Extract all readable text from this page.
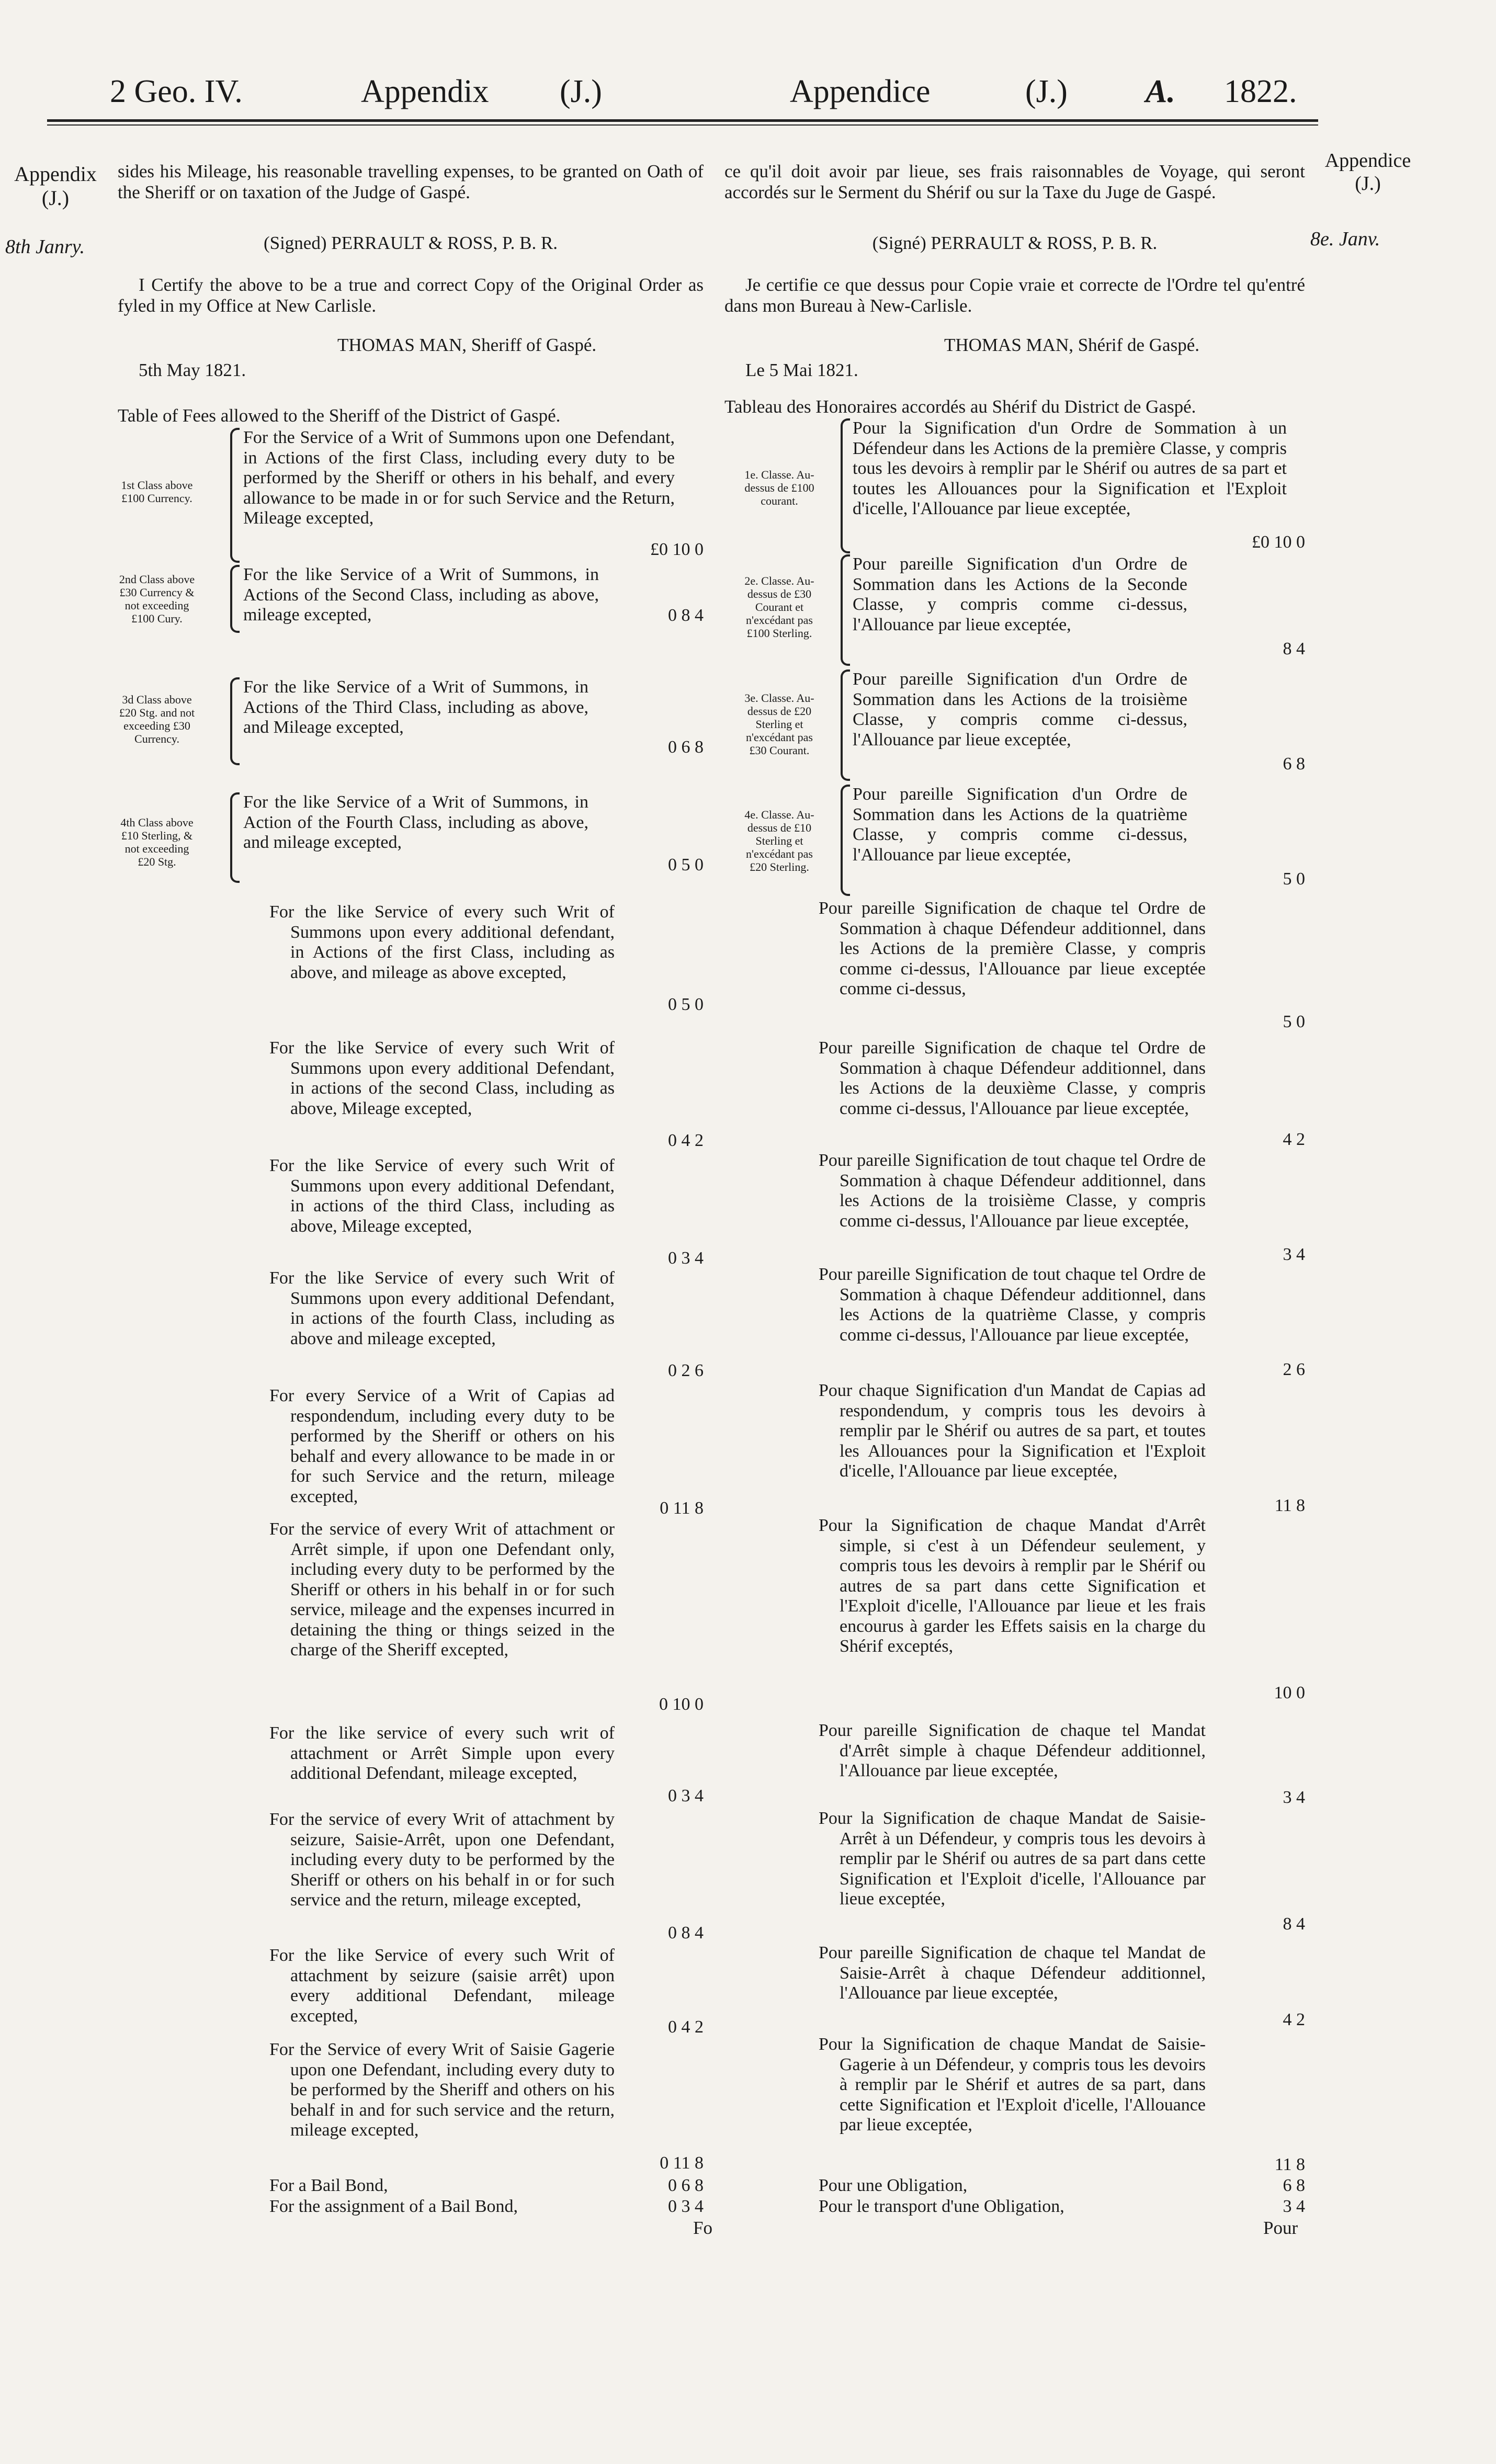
2 Geo. IV.	Appendix (J.)	Appendice	(J.) A. 1822.
Appendix
(J.)
8th Janry.
Appendice
(J.)
8e. Janv.
sides his Mileage, his reasonable travelling expenses, to be granted on Oath of the Sheriff or on taxation of the Judge of Gaspé.
(Signed) PERRAULT & ROSS, P. B. R.
I Certify the above to be a true and correct Copy of the Original Order as fyled in my Office at New Carlisle.
THOMAS MAN, Sheriff of Gaspé.
5th May 1821.
Table of Fees allowed to the Sheriff of the District of Gaspé.
1st Class above £100 Currency.
For the Service of a Writ of Summons upon one Defendant, in Actions of the first Class, including every duty to be performed by the Sheriff or others in his behalf, and every allowance to be made in or for such Service and the Return, Mileage excepted,
£0 10 0
2nd Class above £30 Currency & not exceeding £100 Cury.
For the like Service of a Writ of Summons, in Actions of the Second Class, including as above, mileage excepted,	0 8 4
3d Class above £20 Stg. and not exceeding £30 Currency.
For the like Service of a Writ of Summons, in Actions of the Third Class, including as above, and Mileage excepted,
0 6 8
4th Class above £10 Sterling, & not exceeding £20 Stg.
For the like Service of a Writ of Summons, in Action of the Fourth Class, including as above, and mileage excepted,
0 5 0
For the like Service of every such Writ of Summons upon every additional defendant, in Actions of the first Class, including as above, and mileage as above excepted,
0 5 0
For the like Service of every such Writ of Summons upon every additional Defendant, in actions of the second Class, including as above, Mileage excepted,
0 4 2
For the like Service of every such Writ of Summons upon every additional Defendant, in actions of the third Class, including as above, Mileage excepted,
0 3 4
For the like Service of every such Writ of Summons upon every additional Defendant, in actions of the fourth Class, including as above and mileage excepted,
0 2 6
For every Service of a Writ of Capias ad respondendum, including every duty to be performed by the Sheriff or others on his behalf and every allowance to be made in or for such Service and the return, mileage excepted,
0 11 8
For the service of every Writ of attachment or Arrêt simple, if upon one Defendant only, including every duty to be performed by the Sheriff or others in his behalf in or for such service, mileage and the expenses incurred in detaining the thing or things seized in the charge of the Sheriff excepted,
0 10 0
For the like service of every such writ of attachment or Arrêt Simple upon every additional Defendant, mileage excepted,
0 3 4
For the service of every Writ of attachment by seizure, Saisie-Arrêt, upon one Defendant, including every duty to be performed by the Sheriff or others on his behalf in or for such service and the return, mileage excepted,
0 8 4
For the like Service of every such Writ of attachment by seizure (saisie arrêt) upon every additional Defendant, mileage excepted,
0 4 2
For the Service of every Writ of Saisie Gagerie upon one Defendant, including every duty to be performed by the Sheriff and others on his behalf in and for such service and the return, mileage excepted,
0 11 8
For a Bail Bond,	0 6 8
For the assignment of a Bail Bond,	0 3 4
Fo
ce qu'il doit avoir par lieue, ses frais raisonnables de Voyage, qui seront accordés sur le Serment du Shérif ou sur la Taxe du Juge de Gaspé.
(Signé) PERRAULT & ROSS, P. B. R.
Je certifie ce que dessus pour Copie vraie et correcte de l'Ordre tel qu'entré dans mon Bureau à New-Carlisle.
THOMAS MAN, Shérif de Gaspé.
Le 5 Mai 1821.
Tableau des Honoraires accordés au Shérif du District de Gaspé.
1e. Classe. Au-dessus de £100 courant.
Pour la Signification d'un Ordre de Sommation à un Défendeur dans les Actions de la première Classe, y compris tous les devoirs à remplir par le Shérif ou autres de sa part et toutes les Allouances pour la Signification et l'Exploit d'icelle, l'Allouance par lieue exceptée,
£0 10 0
2e. Classe. Au-dessus de £30 Courant et n'excédant pas £100 Sterling.
Pour pareille Signification d'un Ordre de Sommation dans les Actions de la Seconde Classe, y compris comme ci-dessus, l'Allouance par lieue exceptée,
8 4
3e. Classe. Au-dessus de £20 Sterling et n'excédant pas £30 Courant.
Pour pareille Signification d'un Ordre de Sommation dans les Actions de la troisième Classe, y compris comme ci-dessus, l'Allouance par lieue exceptée,
6 8
4e. Classe. Au-dessus de £10 Sterling et n'excédant pas £20 Sterling.
Pour pareille Signification d'un Ordre de Sommation dans les Actions de la quatrième Classe, y compris comme ci-dessus, l'Allouance par lieue exceptée,
5 0
Pour pareille Signification de chaque tel Ordre de Sommation à chaque Défendeur additionnel, dans les Actions de la première Classe, y compris comme ci-dessus, l'Allouance par lieue exceptée comme ci-dessus,
5 0
Pour pareille Signification de chaque tel Ordre de Sommation à chaque Défendeur additionnel, dans les Actions de la deuxième Classe, y compris comme ci-dessus, l'Allouance par lieue exceptée,
4 2
Pour pareille Signification de tout chaque tel Ordre de Sommation à chaque Défendeur additionnel, dans les Actions de la troisième Classe, y compris comme ci-dessus, l'Allouance par lieue exceptée,
3 4
Pour pareille Signification de tout chaque tel Ordre de Sommation à chaque Défendeur additionnel, dans les Actions de la quatrième Classe, y compris comme ci-dessus, l'Allouance par lieue exceptée,
2 6
Pour chaque Signification d'un Mandat de Capias ad respondendum, y compris tous les devoirs à remplir par le Shérif ou autres de sa part, et toutes les Allouances pour la Signification et l'Exploit d'icelle, l'Allouance par lieue exceptée,
11 8
Pour la Signification de chaque Mandat d'Arrêt simple, si c'est à un Défendeur seulement, y compris tous les devoirs à remplir par le Shérif ou autres de sa part dans cette Signification et l'Exploit d'icelle, l'Allouance par lieue et les frais encourus à garder les Effets saisis en la charge du Shérif exceptés,
10 0
Pour pareille Signification de chaque tel Mandat d'Arrêt simple à chaque Défendeur additionnel, l'Allouance par lieue exceptée,
3 4
Pour la Signification de chaque Mandat de Saisie-Arrêt à un Défendeur, y compris tous les devoirs à remplir par le Shérif ou autres de sa part dans cette Signification et l'Exploit d'icelle, l'Allouance par lieue exceptée,
8 4
Pour pareille Signification de chaque tel Mandat de Saisie-Arrêt à chaque Défendeur additionnel, l'Allouance par lieue exceptée,
4 2
Pour la Signification de chaque Mandat de Saisie-Gagerie à un Défendeur, y compris tous les devoirs à remplir par le Shérif et autres de sa part, dans cette Signification et l'Exploit d'icelle, l'Allouance par lieue exceptée,
11 8
Pour une Obligation,	6 8
Pour le transport d'une Obligation,	3 4
Pour
